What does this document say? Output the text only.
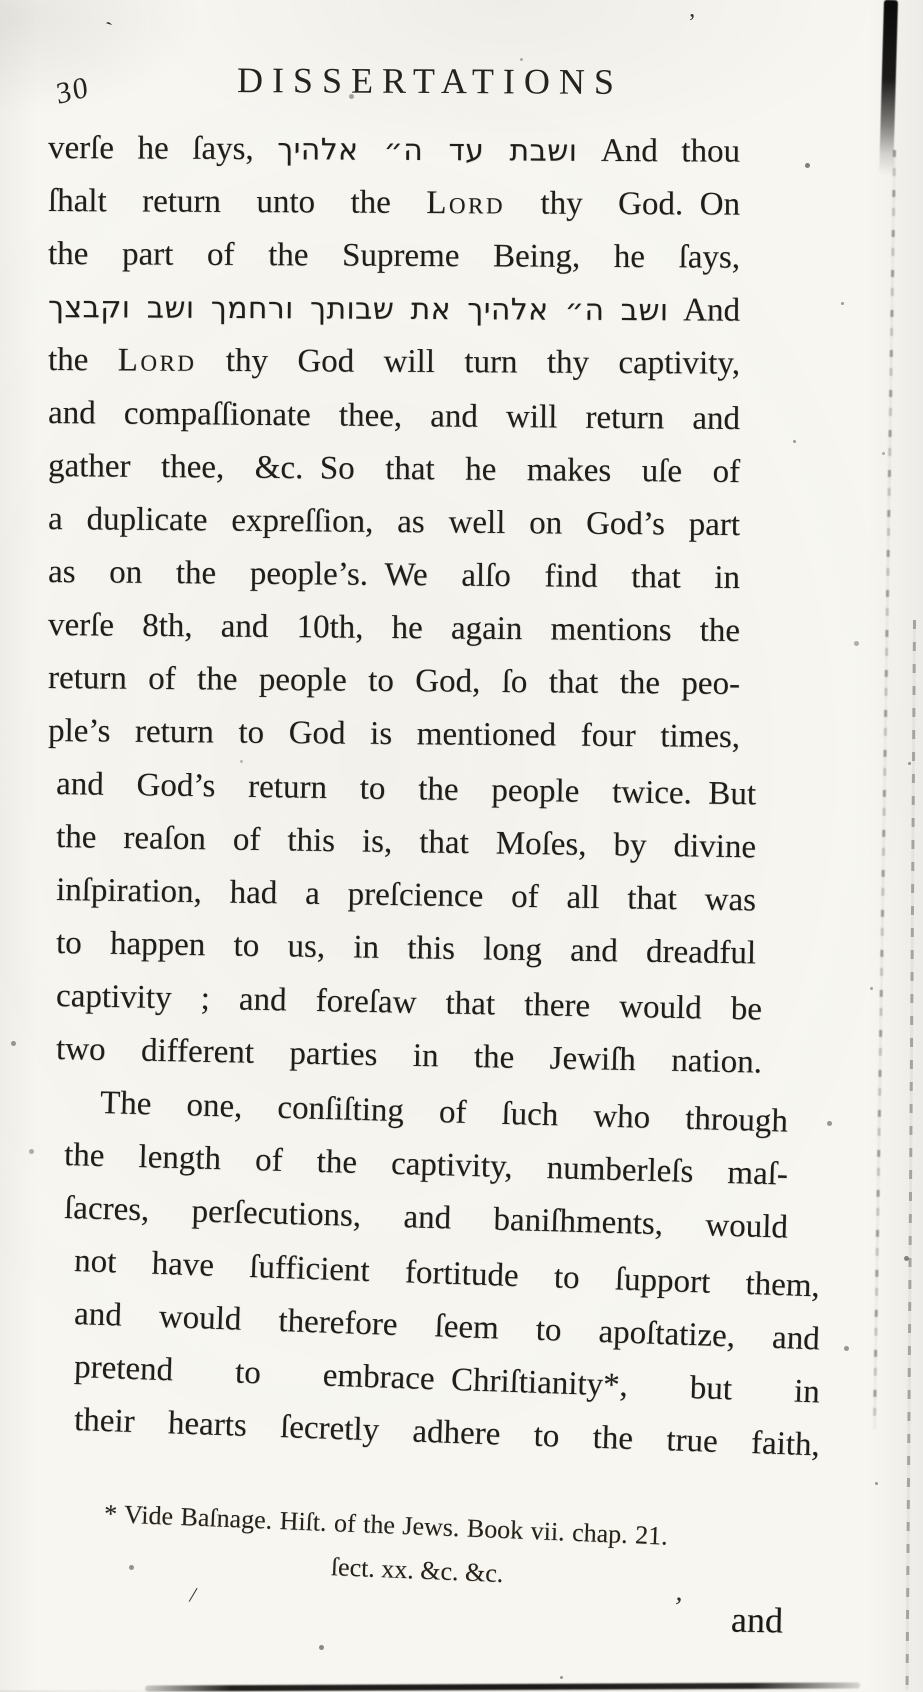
30	DISSERTATIONS
verſe he ſays, ושבת עד ה״ אלהיך And thou
ſhalt return unto the Lord thy God. On
the part of the Supreme Being, he ſays,
ושב ה״ אלהיך את שבותך ורחמך ושב וקבצך And
the Lord thy God will turn thy captivity,
and compaſſionate thee, and will return and
gather thee, &c. So that he makes uſe of
a duplicate expreſſion, as well on God’s part
as on the people’s. We alſo find that in
verſe 8th, and 10th, he again mentions the
return of the people to God, ſo that the peo-
ple’s return to God is mentioned four times,
and God’s return to the people twice. But
the reaſon of this is, that Moſes, by divine
inſpiration, had a preſcience of all that was
to happen to us, in this long and dreadful
captivity ; and foreſaw that there would be
two different parties in the Jewiſh nation.
The one, conſiſting of ſuch who through
the length of the captivity, numberleſs maſ-
ſacres, perſecutions, and baniſhments, would
not have ſufficient fortitude to ſupport them,
and would therefore ſeem to apoſtatize, and
pretend to embrace Chriſtianity*, but in
their hearts ſecretly adhere to the true faith,
* Vide Baſnage. Hiſt. of the Jews. Book vii. chap. 21.
ſect. xx. &c. &c.
and
`	’
’
/
